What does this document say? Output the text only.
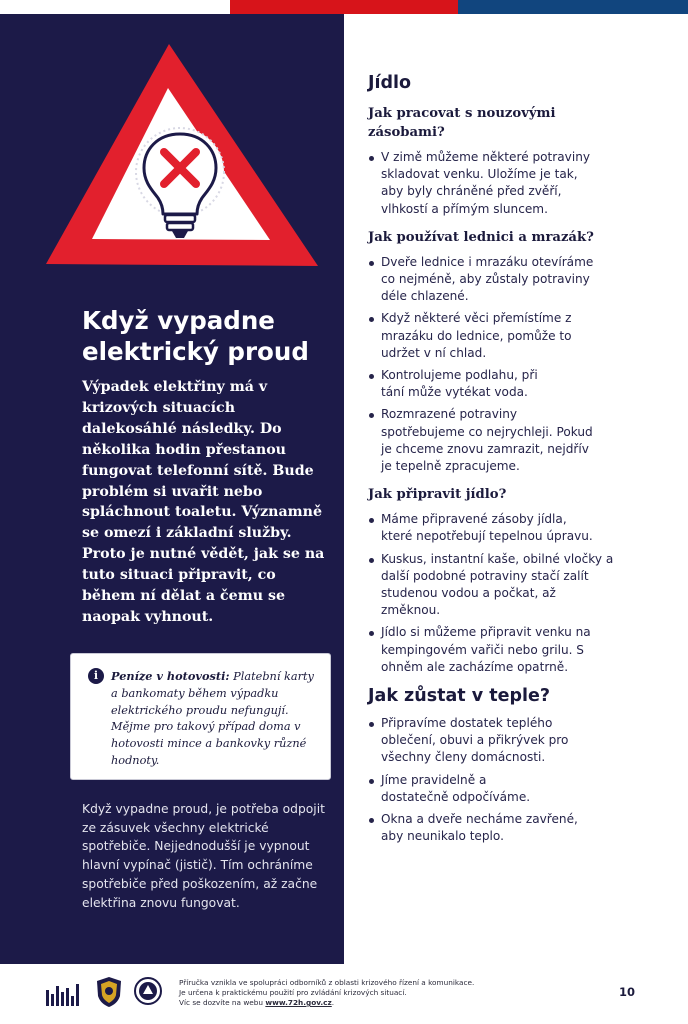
Když vypadne elektrický proud
Výpadek elektřiny má v krizových situacích dalekosáhlé následky. Do několika hodin přestanou fungovat telefonní sítě. Bude problém si uvařit nebo spláchnout toaletu. Významně se omezí i základní služby. Proto je nutné vědět, jak se na tuto situaci připravit, co během ní dělat a čemu se naopak vyhnout.
i	Peníze v hotovosti: Platební karty a bankomaty během výpadku elektrického proudu nefungují. Mějme pro takový případ doma v hotovosti mince a bankovky různé hodnoty.
Když vypadne proud, je potřeba odpojit ze zásuvek všechny elektrické spotřebiče. Nejjednodušší je vypnout hlavní vypínač (jistič). Tím ochráníme spotřebiče před poškozením, až začne elektřina znovu fungovat.
Jídlo
Jak pracovat s nouzovými zásobami?
V zimě můžeme některé potraviny skladovat venku. Uložíme je tak, aby byly chráněné před zvěří, vlhkostí a přímým sluncem.
Jak používat lednici a mrazák?
Dveře lednice i mrazáku otevíráme co nejméně, aby zůstaly potraviny déle chlazené.
Když některé věci přemístíme z mrazáku do lednice, pomůže to udržet v ní chlad.
Kontrolujeme podlahu, při tání může vytékat voda.
Rozmrazené potraviny spotřebujeme co nejrychleji. Pokud je chceme znovu zamrazit, nejdřív je tepelně zpracujeme.
Jak připravit jídlo?
Máme připravené zásoby jídla, které nepotřebují tepelnou úpravu.
Kuskus, instantní kaše, obilné vločky a další podobné potraviny stačí zalít studenou vodou a počkat, až změknou.
Jídlo si můžeme připravit venku na kempingovém vařiči nebo grilu. S ohněm ale zacházíme opatrně.
Jak zůstat v teple?
Připravíme dostatek teplého oblečení, obuvi a přikrývek pro všechny členy domácnosti.
Jíme pravidelně a dostatečně odpočíváme.
Okna a dveře necháme zavřené, aby neunikalo teplo.
Příručka vznikla ve spolupráci odborníků z oblasti krizového řízení a komunikace.
Je určena k praktickému použití pro zvládání krizových situací.
Víc se dozvíte na webu www.72h.gov.cz.
10
